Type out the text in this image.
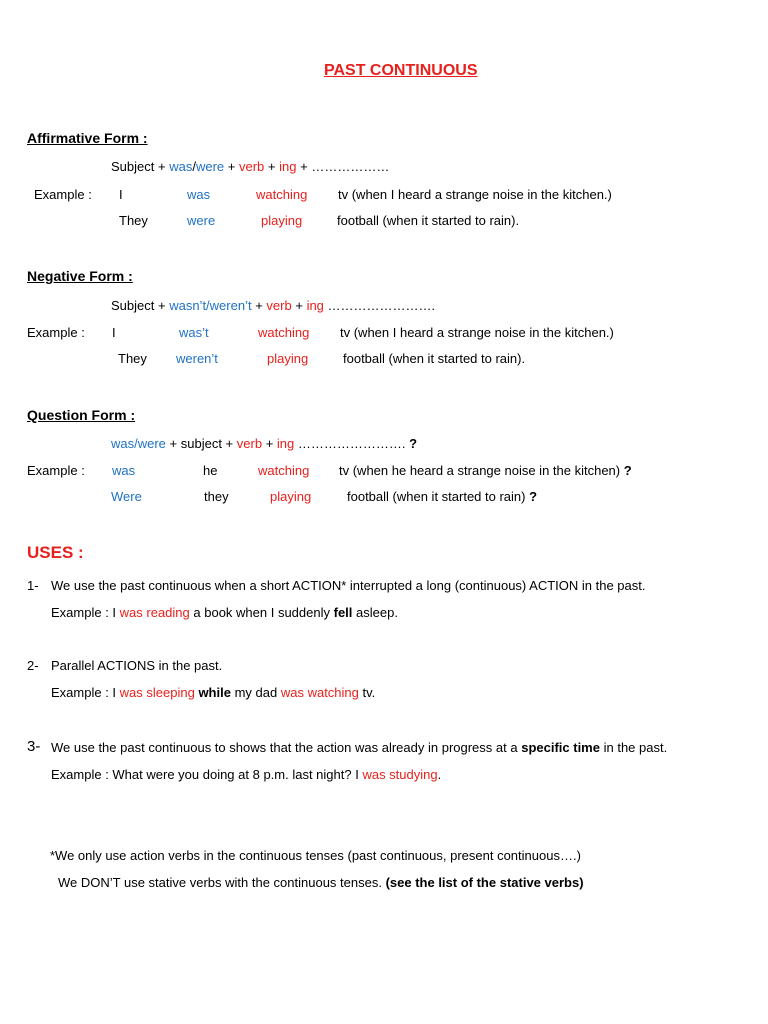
PAST CONTINUOUS
Affirmative Form :
Subject + was/were + verb + ing + ………………
Example : I	was	watching tv (when I heard a strange noise in the kitchen.)
They	were	playing	football (when it started to rain).
Negative Form :
Subject + wasn’t/weren’t + verb + ing …………………….
Example : I	was’t	watching tv (when I heard a strange noise in the kitchen.)
They weren’t	playing	football (when it started to rain).
Question Form :
was/were + subject + verb + ing ……………………. ?
Example : was	he	watching tv (when he heard a strange noise in the kitchen) ?
Were	they	playing	football (when it started to rain) ?
USES :
1- We use the past continuous when a short ACTION* interrupted a long (continuous) ACTION in the past.
Example : I was reading a book when I suddenly fell asleep.
2- Parallel ACTIONS in the past.
Example : I was sleeping while my dad was watching tv.
3- We use the past continuous to shows that the action was already in progress at a specific time in the past.
Example : What were you doing at 8 p.m. last night? I was studying.
*We only use action verbs in the continuous tenses (past continuous, present continuous….)
We DON’T use stative verbs with the continuous tenses. (see the list of the stative verbs)
